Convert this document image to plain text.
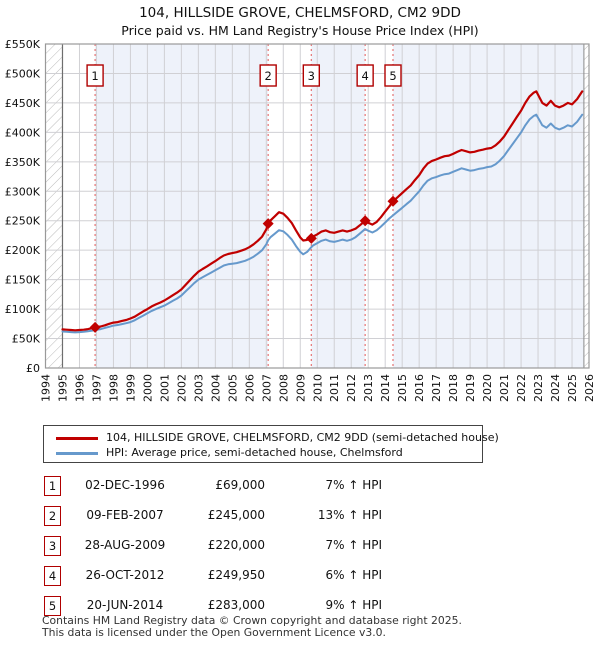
104, HILLSIDE GROVE, CHELMSFORD, CM2 9DD
Price paid vs. HM Land Registry's House Price Index (HPI)
1	2	3	4 5
£0
£50K
£100K
£150K
£200K
£250K
£300K
£350K
£400K
£450K
£500K
£550K
1994 1995 1996 1997 1998 1999 2000 2001 2002 2003 2004 2005 2006 2007 2008 2009 2010 2011 2012 2013 2014 2015 2016 2017 2018 2019 2020 2021 2022 2023 2024 2025 2026
104, HILLSIDE GROVE, CHELMSFORD, CM2 9DD (semi-detached house)
HPI: Average price, semi-detached house, Chelmsford
1	02-DEC-1996	£69,000	7% ↑ HPI
2	09-FEB-2007	£245,000	13% ↑ HPI
3	28-AUG-2009	£220,000	7% ↑ HPI
4	26-OCT-2012	£249,950	6% ↑ HPI
5	20-JUN-2014	£283,000	9% ↑ HPI
Contains HM Land Registry data © Crown copyright and database right 2025.
This data is licensed under the Open Government Licence v3.0.
